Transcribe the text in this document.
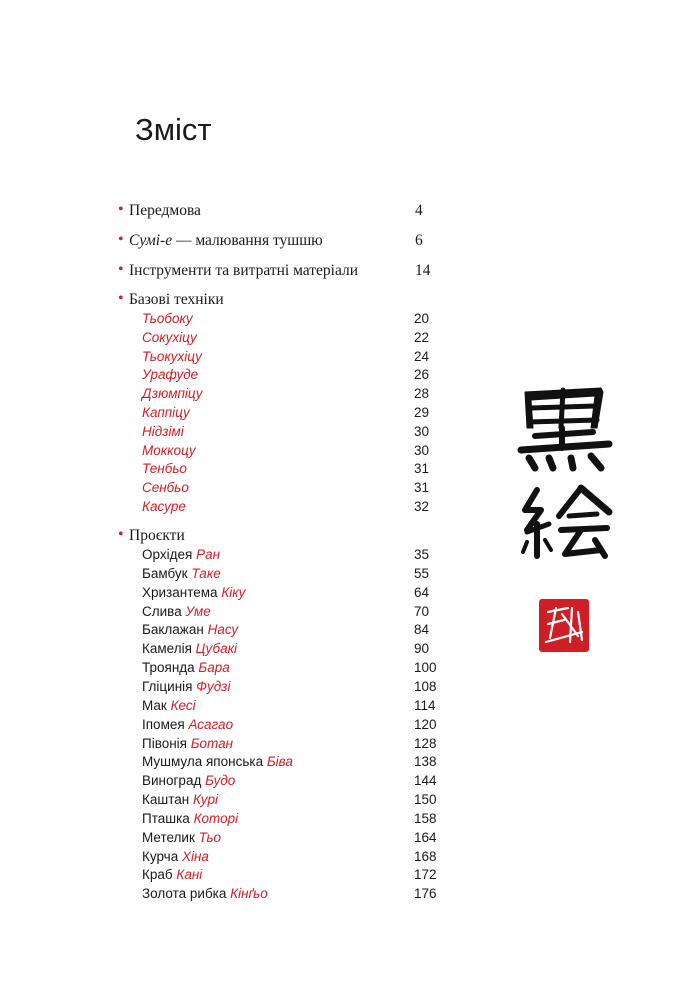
Зміст
• Передмова	4
• Сумі-е — малювання тушшю	6
• Інструменти та витратні матеріали	14
• Базові техніки
Тьобоку	20
Сокухіцу	22
Тьокухіцу	24
Урафуде	26
Дзюмпіцу	28
Каппіцу	29
Нідзімі	30
Моккоцу	30
Тенбьо	31
Сенбьо	31
Касуре	32
• Проєкти
Орхідея Ран	35
Бамбук Таке	55
Хризантема Кіку	64
Слива Уме	70
Баклажан Насу	84
Камелія Цубакі	90
Троянда Бара	100
Гліцинія Фудзі	108
Мак Кесі	114
Іпомея Асагао	120
Півонія Ботан	128
Мушмула японська Біва	138
Виноград Будо	144
Каштан Курі	150
Пташка Которі	158
Метелик Тьо	164
Курча Хіна	168
Краб Кані	172
Золота рибка Кінґьо	176
